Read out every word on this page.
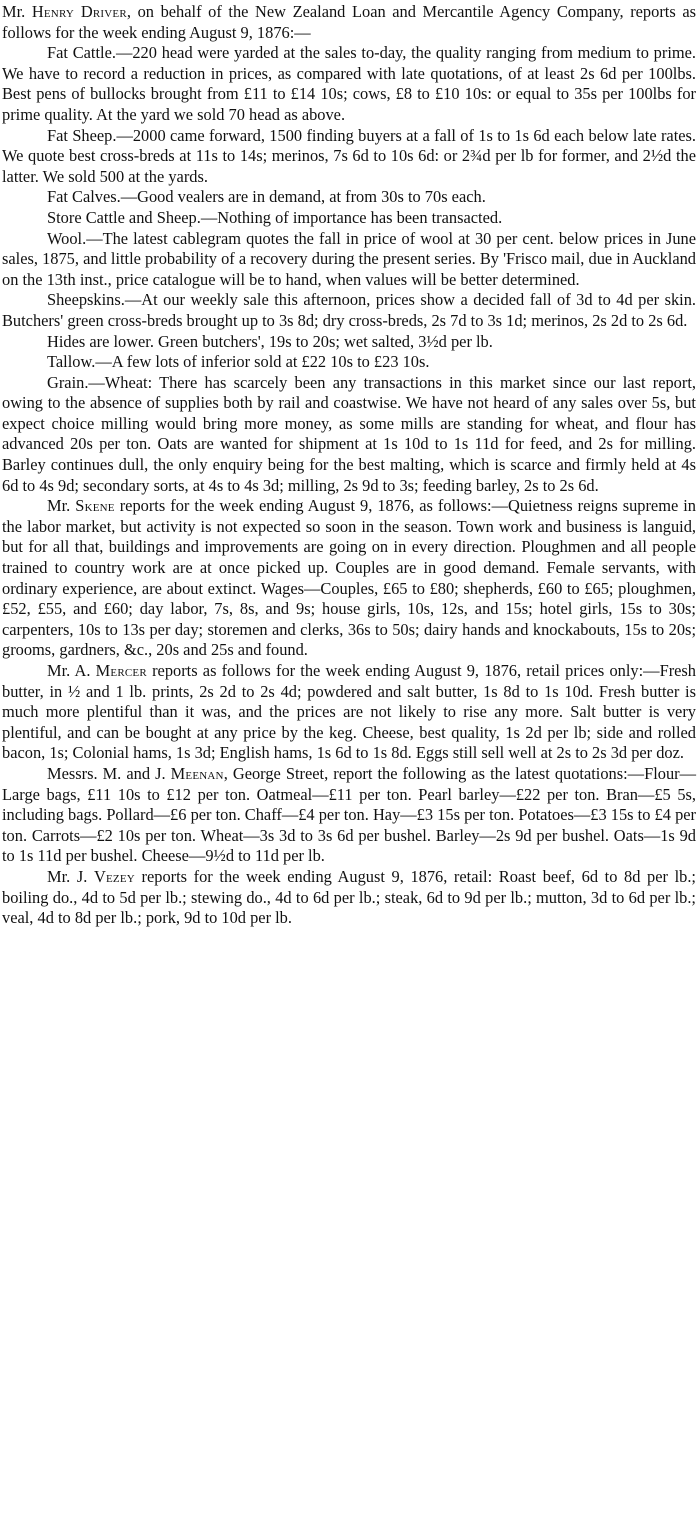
Mr. Henry Driver, on behalf of the New Zealand Loan and Mercantile Agency Company, reports as follows for the week ending August 9, 1876:—

Fat Cattle.—220 head were yarded at the sales to-day, the quality ranging from medium to prime. We have to record a reduction in prices, as compared with late quotations, of at least 2s 6d per 100lbs. Best pens of bullocks brought from £11 to £14 10s; cows, £8 to £10 10s: or equal to 35s per 100lbs for prime quality. At the yard we sold 70 head as above.

Fat Sheep.—2000 came forward, 1500 finding buyers at a fall of 1s to 1s 6d each below late rates. We quote best cross-breds at 11s to 14s; merinos, 7s 6d to 10s 6d: or 2¾d per lb for former, and 2½d the latter. We sold 500 at the yards.

Fat Calves.—Good vealers are in demand, at from 30s to 70s each.

Store Cattle and Sheep.—Nothing of importance has been transacted.

Wool.—The latest cablegram quotes the fall in price of wool at 30 per cent. below prices in June sales, 1875, and little probability of a recovery during the present series. By 'Frisco mail, due in Auckland on the 13th inst., price catalogue will be to hand, when values will be better determined.

Sheepskins.—At our weekly sale this afternoon, prices show a decided fall of 3d to 4d per skin. Butchers' green cross-breds brought up to 3s 8d; dry cross-breds, 2s 7d to 3s 1d; merinos, 2s 2d to 2s 6d.

Hides are lower. Green butchers', 19s to 20s; wet salted, 3½d per lb.

Tallow.—A few lots of inferior sold at £22 10s to £23 10s.

Grain.—Wheat: There has scarcely been any transactions in this market since our last report, owing to the absence of supplies both by rail and coastwise. We have not heard of any sales over 5s, but expect choice milling would bring more money, as some mills are standing for wheat, and flour has advanced 20s per ton. Oats are wanted for shipment at 1s 10d to 1s 11d for feed, and 2s for milling. Barley continues dull, the only enquiry being for the best malting, which is scarce and firmly held at 4s 6d to 4s 9d; secondary sorts, at 4s to 4s 3d; milling, 2s 9d to 3s; feeding barley, 2s to 2s 6d.

Mr. Skene reports for the week ending August 9, 1876, as follows:—Quietness reigns supreme in the labor market, but activity is not expected so soon in the season. Town work and business is languid, but for all that, buildings and improvements are going on in every direction. Ploughmen and all people trained to country work are at once picked up. Couples are in good demand. Female servants, with ordinary experience, are about extinct. Wages—Couples, £65 to £80; shepherds, £60 to £65; ploughmen, £52, £55, and £60; day labor, 7s, 8s, and 9s; house girls, 10s, 12s, and 15s; hotel girls, 15s to 30s; carpenters, 10s to 13s per day; storemen and clerks, 36s to 50s; dairy hands and knockabouts, 15s to 20s; grooms, gardners, &c., 20s and 25s and found.

Mr. A. Mercer reports as follows for the week ending August 9, 1876, retail prices only:—Fresh butter, in ½ and 1 lb. prints, 2s 2d to 2s 4d; powdered and salt butter, 1s 8d to 1s 10d. Fresh butter is much more plentiful than it was, and the prices are not likely to rise any more. Salt butter is very plentiful, and can be bought at any price by the keg. Cheese, best quality, 1s 2d per lb; side and rolled bacon, 1s; Colonial hams, 1s 3d; English hams, 1s 6d to 1s 8d. Eggs still sell well at 2s to 2s 3d per doz.

Messrs. M. and J. Meenan, George Street, report the following as the latest quotations:—Flour—Large bags, £11 10s to £12 per ton. Oatmeal—£11 per ton. Pearl barley—£22 per ton. Bran—£5 5s, including bags. Pollard—£6 per ton. Chaff—£4 per ton. Hay—£3 15s per ton. Potatoes—£3 15s to £4 per ton. Carrots—£2 10s per ton. Wheat—3s 3d to 3s 6d per bushel. Barley—2s 9d per bushel. Oats—1s 9d to 1s 11d per bushel. Cheese—9½d to 11d per lb.

Mr. J. Vezey reports for the week ending August 9, 1876, retail: Roast beef, 6d to 8d per lb.; boiling do., 4d to 5d per lb.; stewing do., 4d to 6d per lb.; steak, 6d to 9d per lb.; mutton, 3d to 6d per lb.; veal, 4d to 8d per lb.; pork, 9d to 10d per lb.
